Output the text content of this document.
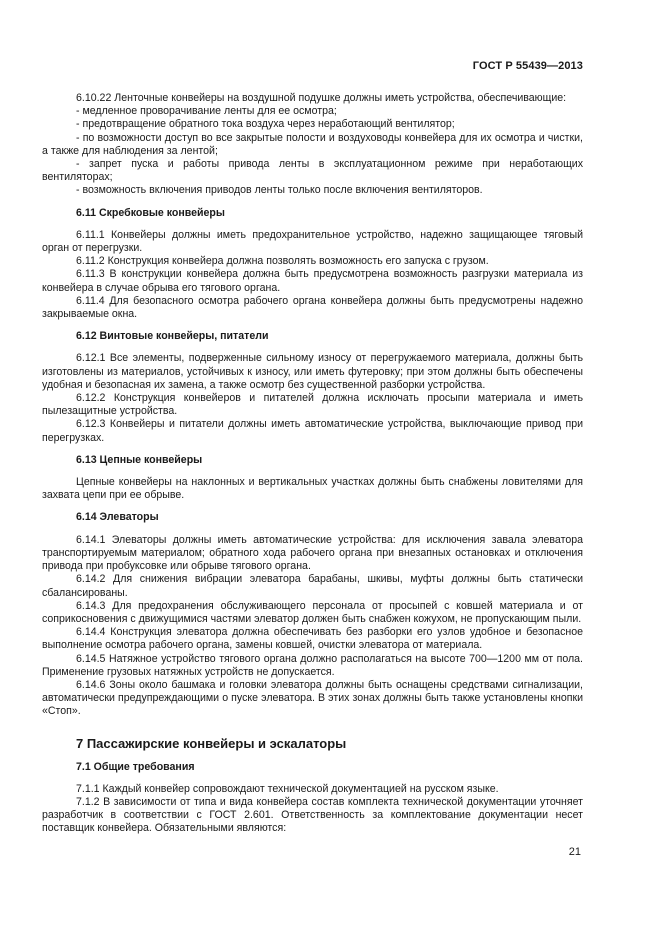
ГОСТ Р 55439—2013

6.10.22 Ленточные конвейеры на воздушной подушке должны иметь устройства, обеспечивающие:

- медленное проворачивание ленты для ее осмотра;

- предотвращение обратного тока воздуха через неработающий вентилятор;

- по возможности доступ во все закрытые полости и воздуховоды конвейера для их осмотра и чистки, а также для наблюдения за лентой;

- запрет пуска и работы привода ленты в эксплуатационном режиме при неработающих вентиляторах;

- возможность включения приводов ленты только после включения вентиляторов.

6.11 Скребковые конвейеры

6.11.1 Конвейеры должны иметь предохранительное устройство, надежно защищающее тяговый орган от перегрузки.

6.11.2 Конструкция конвейера должна позволять возможность его запуска с грузом.

6.11.3 В конструкции конвейера должна быть предусмотрена возможность разгрузки материала из конвейера в случае обрыва его тягового органа.

6.11.4 Для безопасного осмотра рабочего органа конвейера должны быть предусмотрены надежно закрываемые окна.

6.12 Винтовые конвейеры, питатели

6.12.1 Все элементы, подверженные сильному износу от перегружаемого материала, должны быть изготовлены из материалов, устойчивых к износу, или иметь футеровку; при этом должны быть обеспечены удобная и безопасная их замена, а также осмотр без существенной разборки устройства.

6.12.2 Конструкция конвейеров и питателей должна исключать просыпи материала и иметь пылезащитные устройства.

6.12.3 Конвейеры и питатели должны иметь автоматические устройства, выключающие привод при перегрузках.

6.13 Цепные конвейеры

Цепные конвейеры на наклонных и вертикальных участках должны быть снабжены ловителями для захвата цепи при ее обрыве.

6.14 Элеваторы

6.14.1 Элеваторы должны иметь автоматические устройства: для исключения завала элеватора транспортируемым материалом; обратного хода рабочего органа при внезапных остановках и отключения привода при пробуксовке или обрыве тягового органа.

6.14.2 Для снижения вибрации элеватора барабаны, шкивы, муфты должны быть статически сбалансированы.

6.14.3 Для предохранения обслуживающего персонала от просыпей с ковшей материала и от соприкосновения с движущимися частями элеватор должен быть снабжен кожухом, не пропускающим пыли.

6.14.4 Конструкция элеватора должна обеспечивать без разборки его узлов удобное и безопасное выполнение осмотра рабочего органа, замены ковшей, очистки элеватора от материала.

6.14.5 Натяжное устройство тягового органа должно располагаться на высоте 700—1200 мм от пола. Применение грузовых натяжных устройств не допускается.

6.14.6 Зоны около башмака и головки элеватора должны быть оснащены средствами сигнализации, автоматически предупреждающими о пуске элеватора. В этих зонах должны быть также установлены кнопки «Стоп».

7 Пассажирские конвейеры и эскалаторы
7.1 Общие требования

7.1.1 Каждый конвейер сопровождают технической документацией на русском языке.

7.1.2 В зависимости от типа и вида конвейера состав комплекта технической документации уточняет разработчик в соответствии с ГОСТ 2.601. Ответственность за комплектование документации несет поставщик конвейера. Обязательными являются:

21
